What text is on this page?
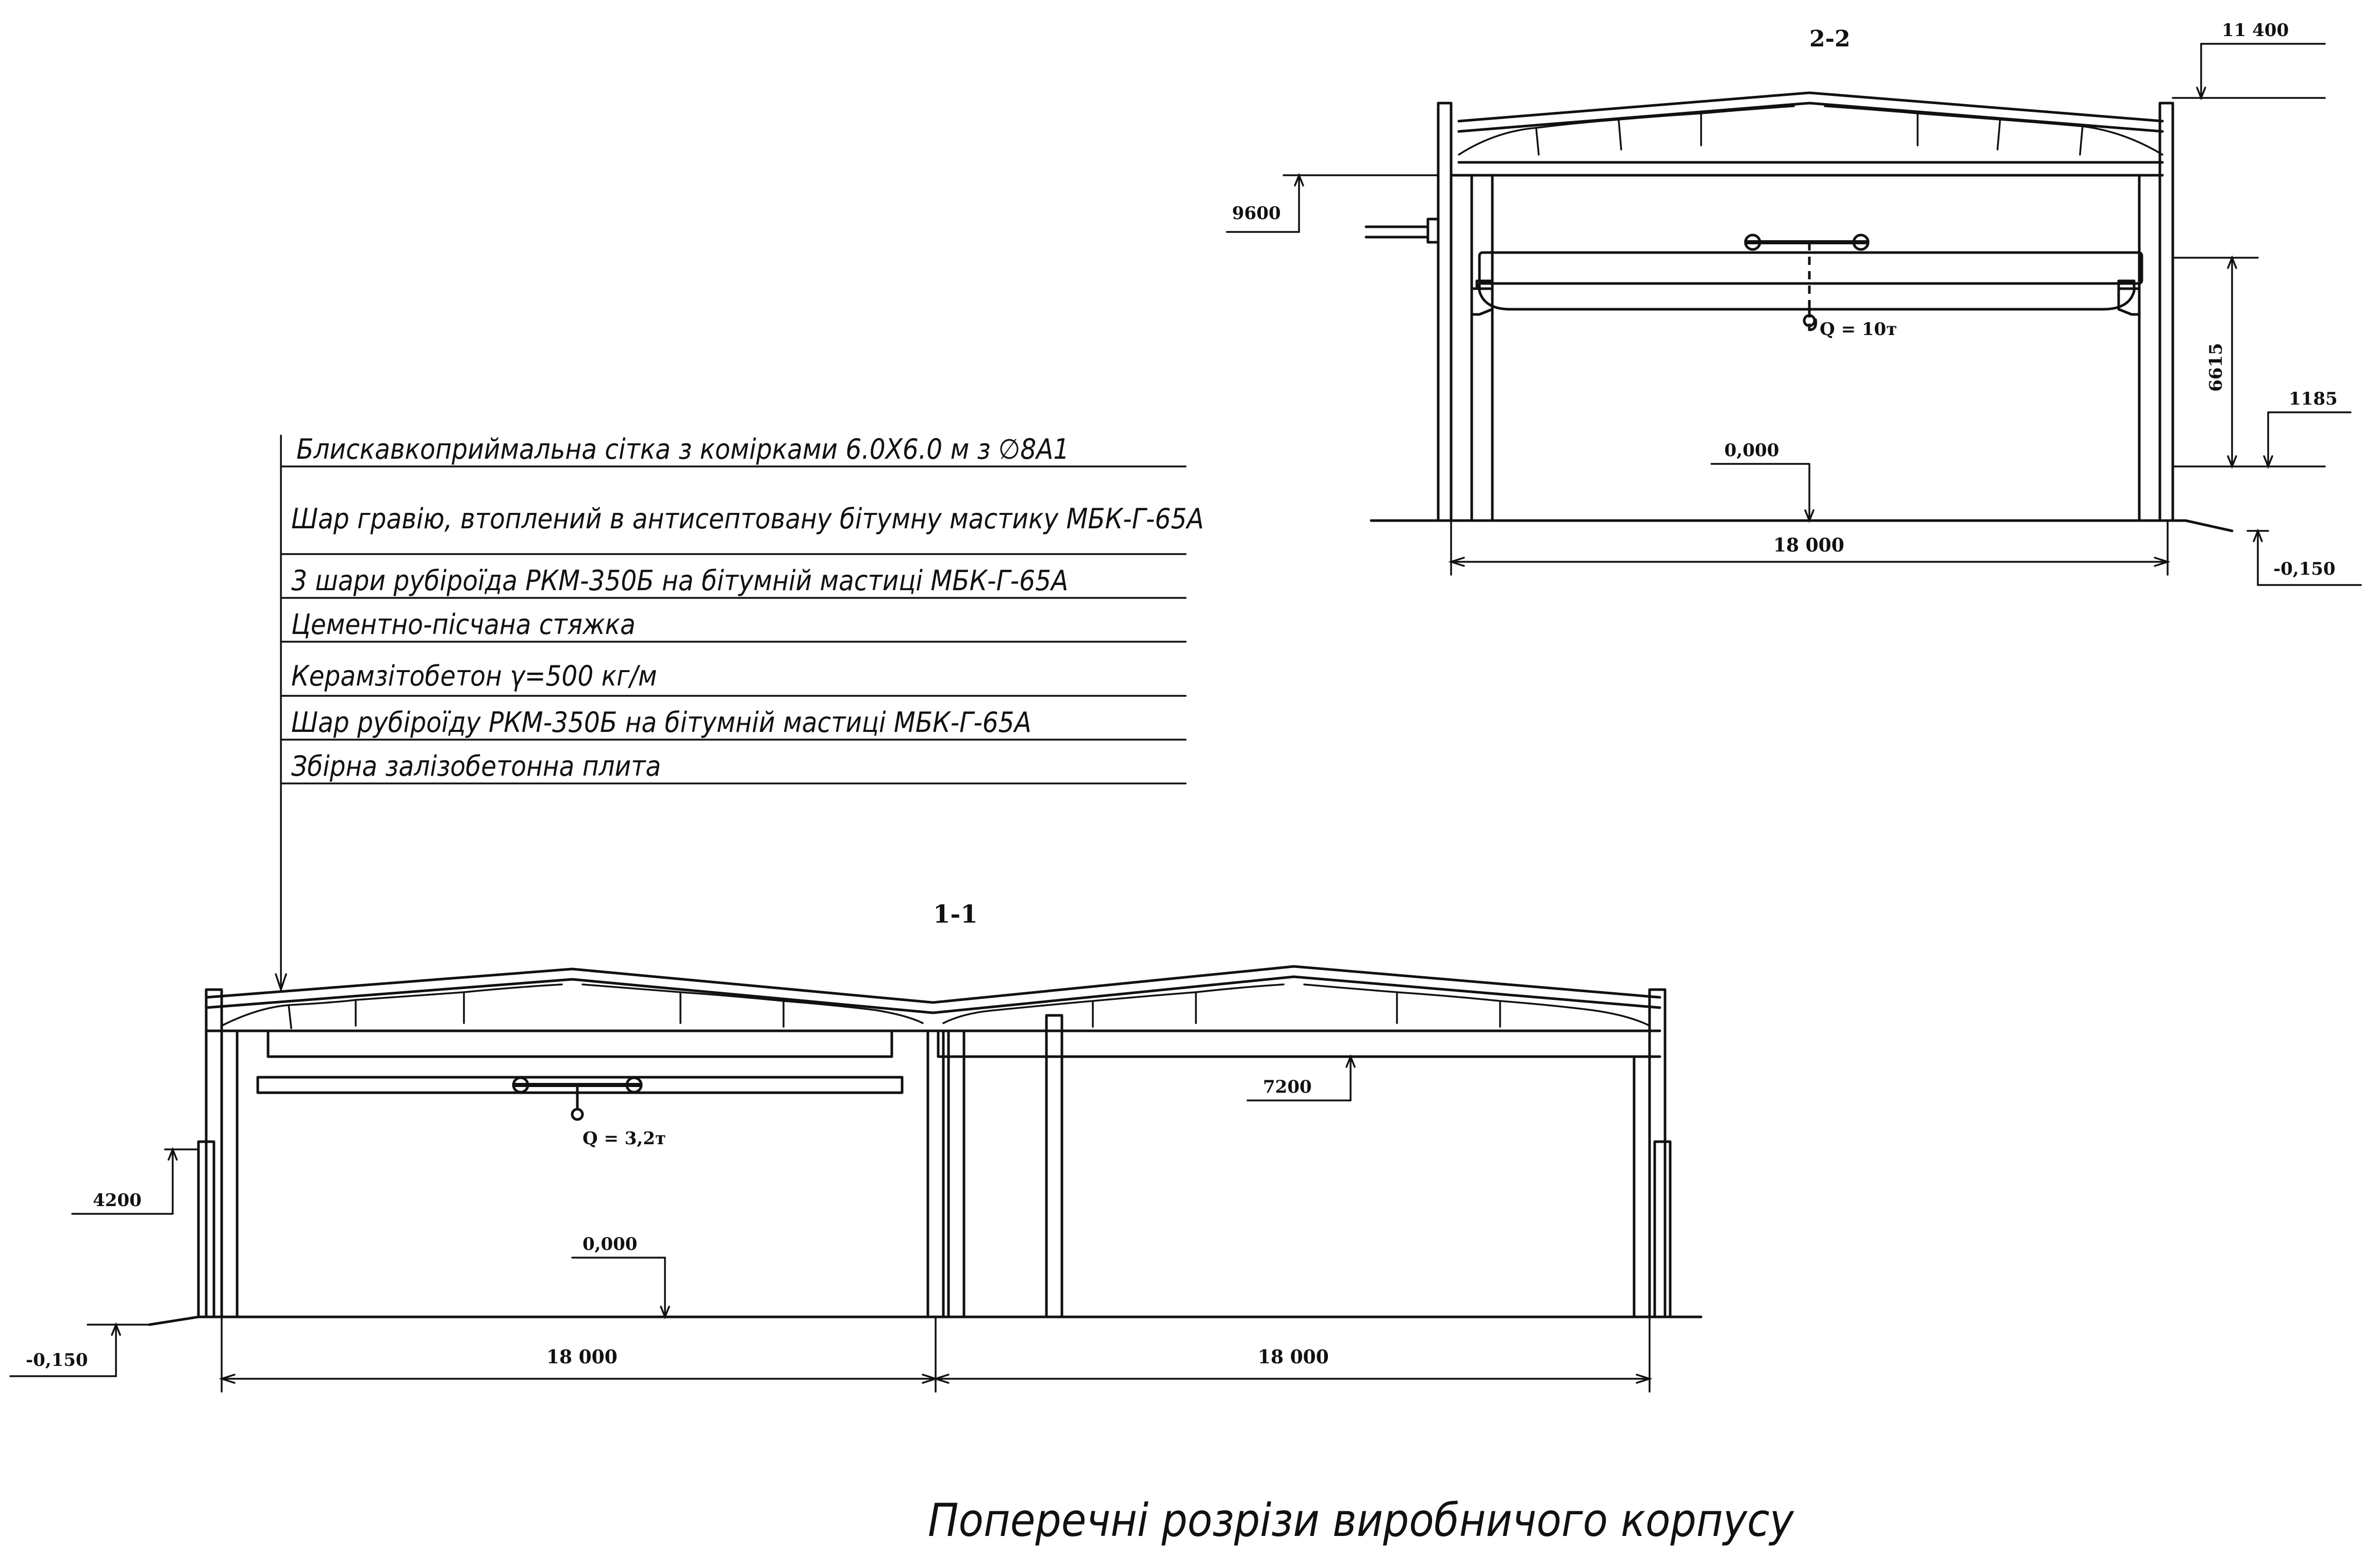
2-2
Q = 10т
11 400
9600
6615
1185
0,000
-0,150
18 000
Блискавкоприймальна сітка з комірками 6.0Х6.0 м з ∅8А1
Шар гравію, втоплений в антисептовану бітумну мастику МБК-Г-65А
3 шари рубіроїда РКМ-350Б на бітумній мастиці МБК-Г-65А
Цементно-пісчана стяжка
Керамзітобетон γ=500 кг/м
Шар рубіроїду РКМ-350Б на бітумній мастиці МБК-Г-65А
Збірна залізобетонна плита
1-1
Q = 3,2т
7200
4200
0,000
-0,150	18 000	18 000
Поперечні розрізи виробничого корпусу
